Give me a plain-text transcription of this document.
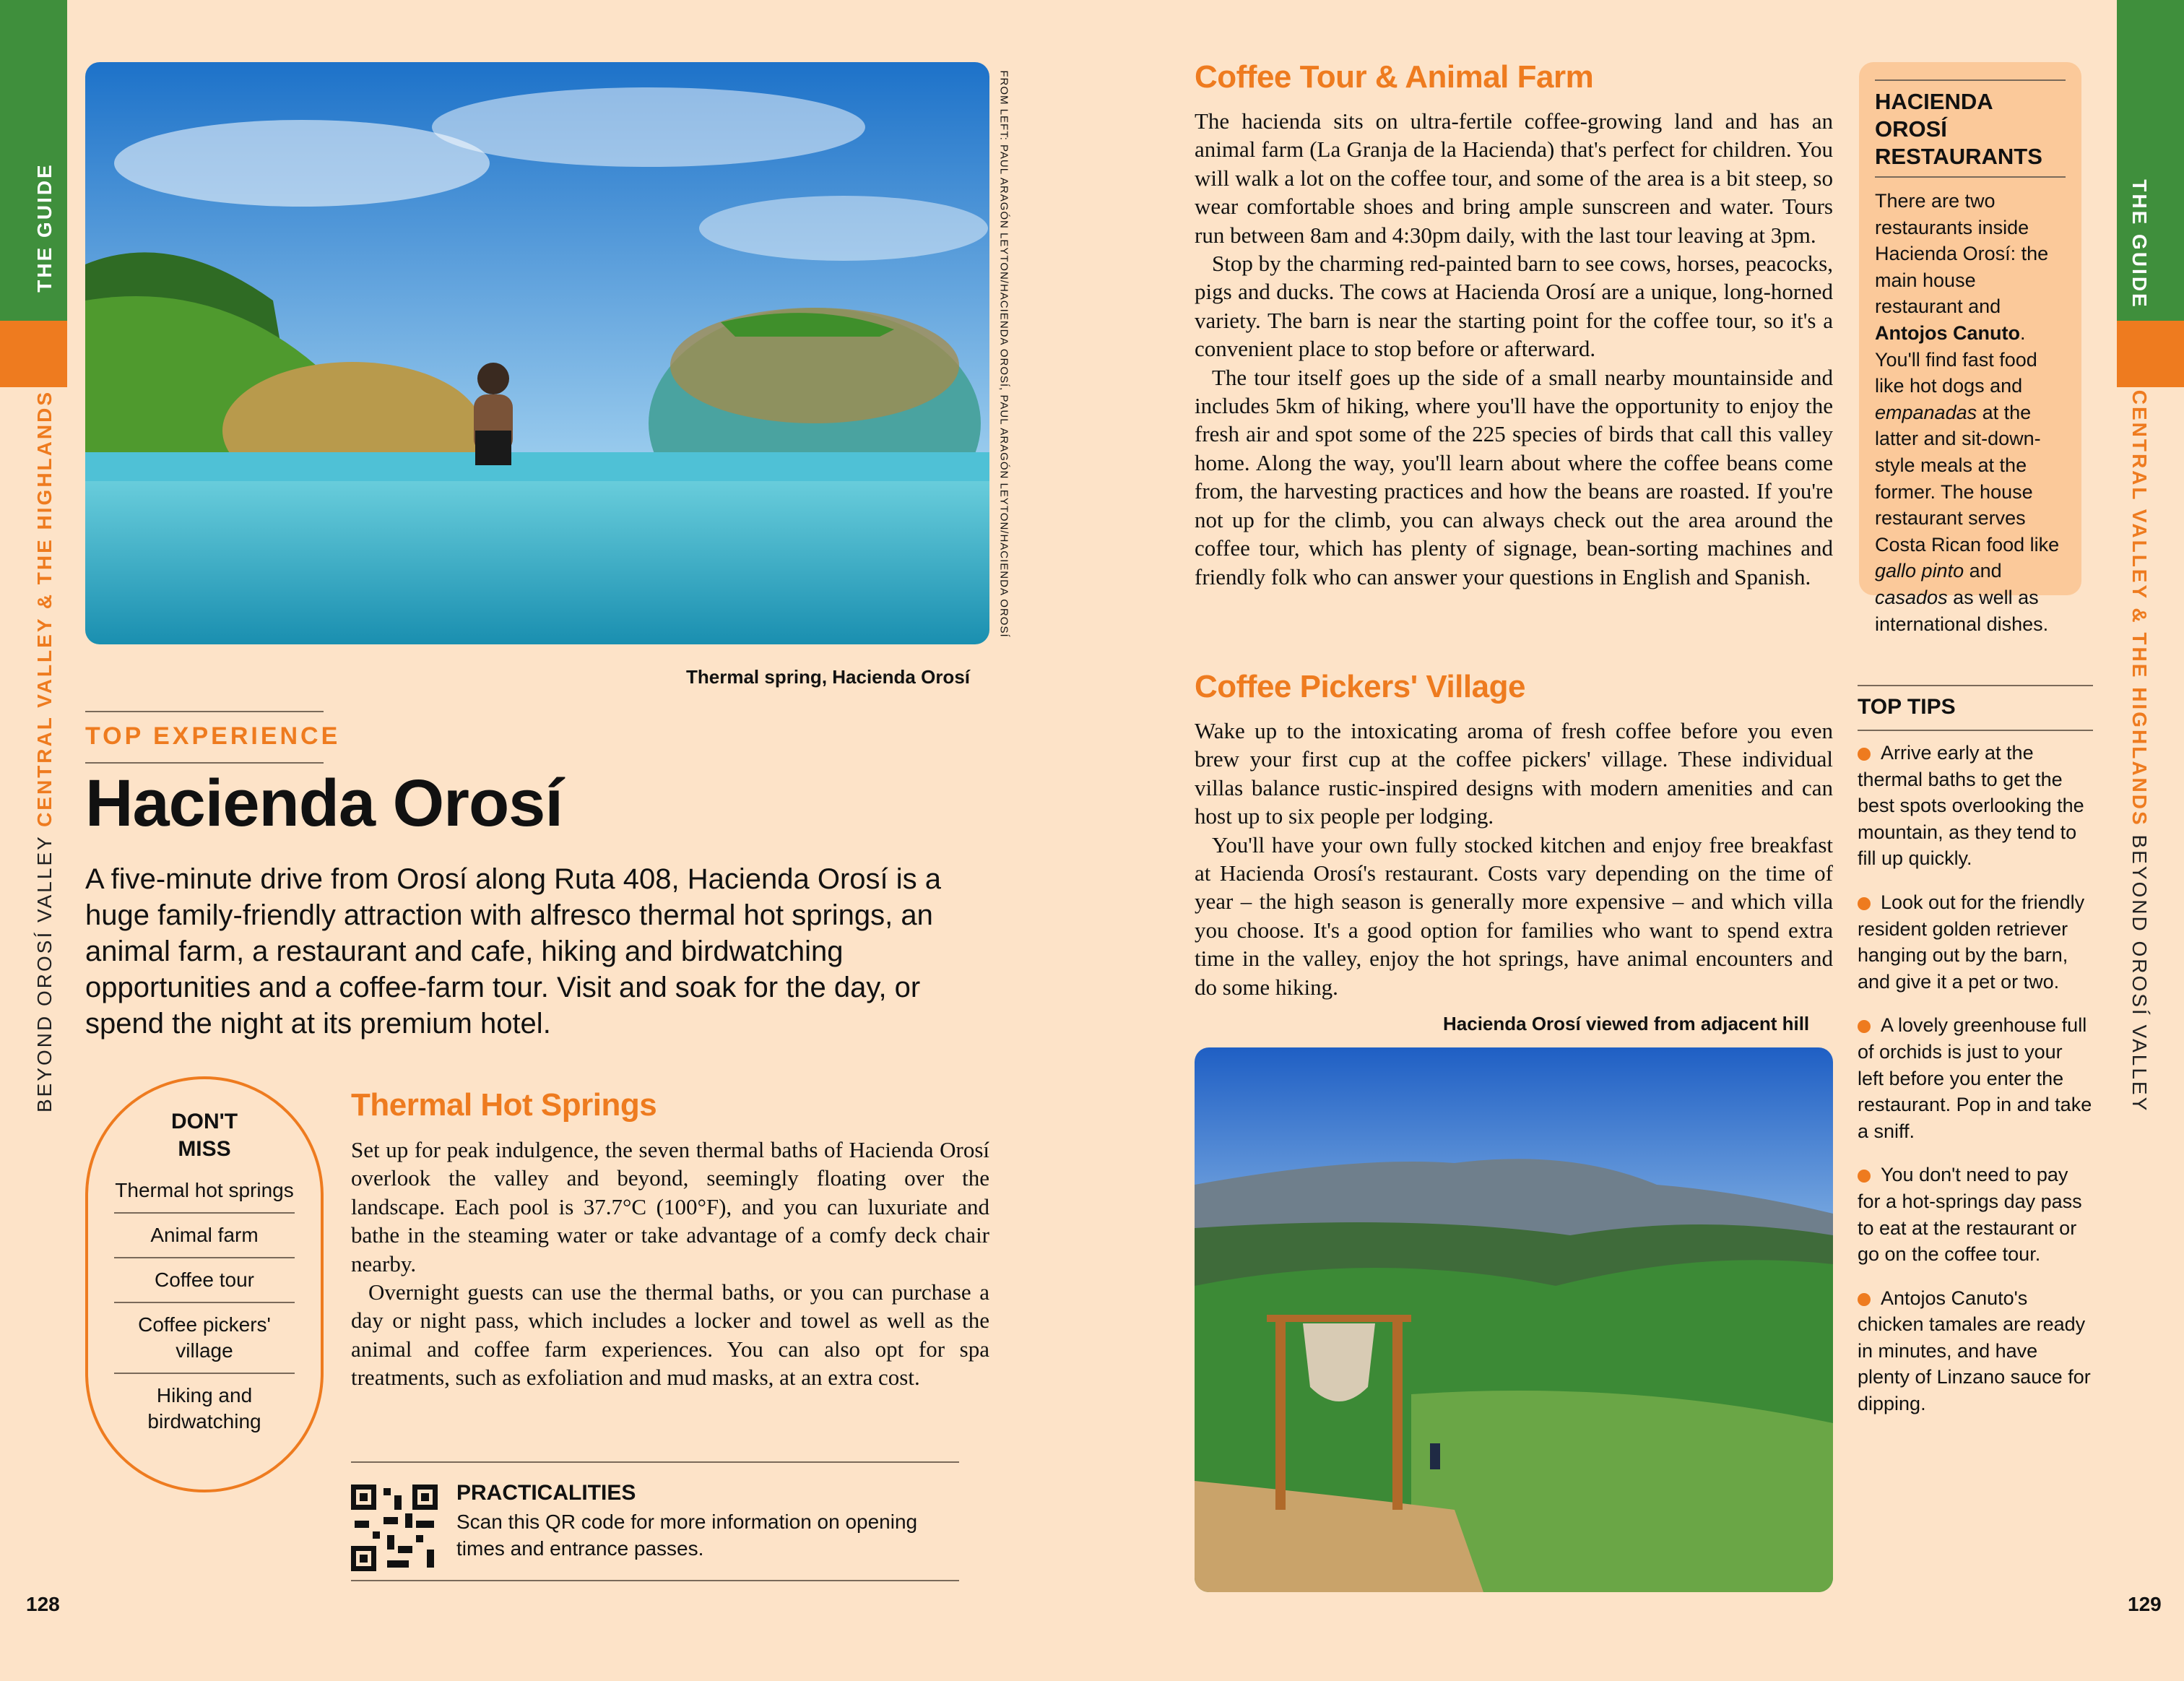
THE GUIDE
BEYOND OROSÍ VALLEY CENTRAL VALLEY & THE HIGHLANDS
THE GUIDE
CENTRAL VALLEY & THE HIGHLANDS BEYOND OROSÍ VALLEY
FROM LEFT: PAUL ARAGÓN LEYTON/HACIENDA OROSÍ, PAUL ARAGÓN LEYTON/HACIENDA OROSÍ
Thermal spring, Hacienda Orosí
TOP EXPERIENCE
Hacienda Orosí

A five-minute drive from Orosí along Ruta 408, Hacienda Orosí is a huge family-friendly attraction with alfresco thermal hot springs, an animal farm, a restaurant and cafe, hiking and birdwatching opportunities and a coffee-farm tour. Visit and soak for the day, or spend the night at its premium hotel.

DON'T MISS
Thermal hot springs
Animal farm
Coffee tour
Coffee pickers' village
Hiking and birdwatching
Thermal Hot Springs

Set up for peak indulgence, the seven thermal baths of Hacienda Orosí overlook the valley and beyond, seemingly floating over the landscape. Each pool is 37.7°C (100°F), and you can luxuriate and bathe in the steaming water or take advantage of a comfy deck chair nearby.

Overnight guests can use the thermal baths, or you can purchase a day or night pass, which includes a locker and towel as well as the animal and coffee farm experiences. You can also opt for spa treatments, such as exfoliation and mud masks, at an extra cost.

PRACTICALITIES

Scan this QR code for more information on opening times and entrance passes.

128	129
Coffee Tour & Animal Farm

The hacienda sits on ultra-fertile coffee-growing land and has an animal farm (La Granja de la Hacienda) that's perfect for children. You will walk a lot on the coffee tour, and some of the area is a bit steep, so wear comfortable shoes and bring ample sunscreen and water. Tours run between 8am and 4:30pm daily, with the last tour leaving at 3pm.

Stop by the charming red-painted barn to see cows, horses, peacocks, pigs and ducks. The cows at Hacienda Orosí are a unique, long-horned variety. The barn is near the starting point for the coffee tour, so it's a convenient place to stop before or afterward.

The tour itself goes up the side of a small nearby mountainside and includes 5km of hiking, where you'll have the opportunity to enjoy the fresh air and spot some of the 225 species of birds that call this valley home. Along the way, you'll learn about where the coffee beans come from, the harvesting practices and how the beans are roasted. If you're not up for the climb, you can always check out the area around the coffee tour, which has plenty of signage, bean-sorting machines and friendly folk who can answer your questions in English and Spanish.

Coffee Pickers' Village

Wake up to the intoxicating aroma of fresh coffee before you even brew your first cup at the coffee pickers' village. These individual villas balance rustic-inspired designs with modern amenities and can host up to six people per lodging.

You'll have your own fully stocked kitchen and enjoy free breakfast at Hacienda Orosí's restaurant. Costs vary depending on the time of year – the high season is generally more expensive – and which villa you choose. It's a good option for families who want to spend extra time in the valley, enjoy the hot springs, have animal encounters and do some hiking.

Hacienda Orosí viewed from adjacent hill
HACIENDA OROSÍ RESTAURANTS

There are two restaurants inside Hacienda Orosí: the main house restaurant and Antojos Canuto. You'll find fast food like hot dogs and empanadas at the latter and sit-down-style meals at the former. The house restaurant serves Costa Rican food like gallo pinto and casados as well as international dishes.

TOP TIPS
Arrive early at the thermal baths to get the best spots overlooking the mountain, as they tend to fill up quickly.
Look out for the friendly resident golden retriever hanging out by the barn, and give it a pet or two.
A lovely greenhouse full of orchids is just to your left before you enter the restaurant. Pop in and take a sniff.
You don't need to pay for a hot-springs day pass to eat at the restaurant or go on the coffee tour.
Antojos Canuto's chicken tamales are ready in minutes, and have plenty of Linzano sauce for dipping.
